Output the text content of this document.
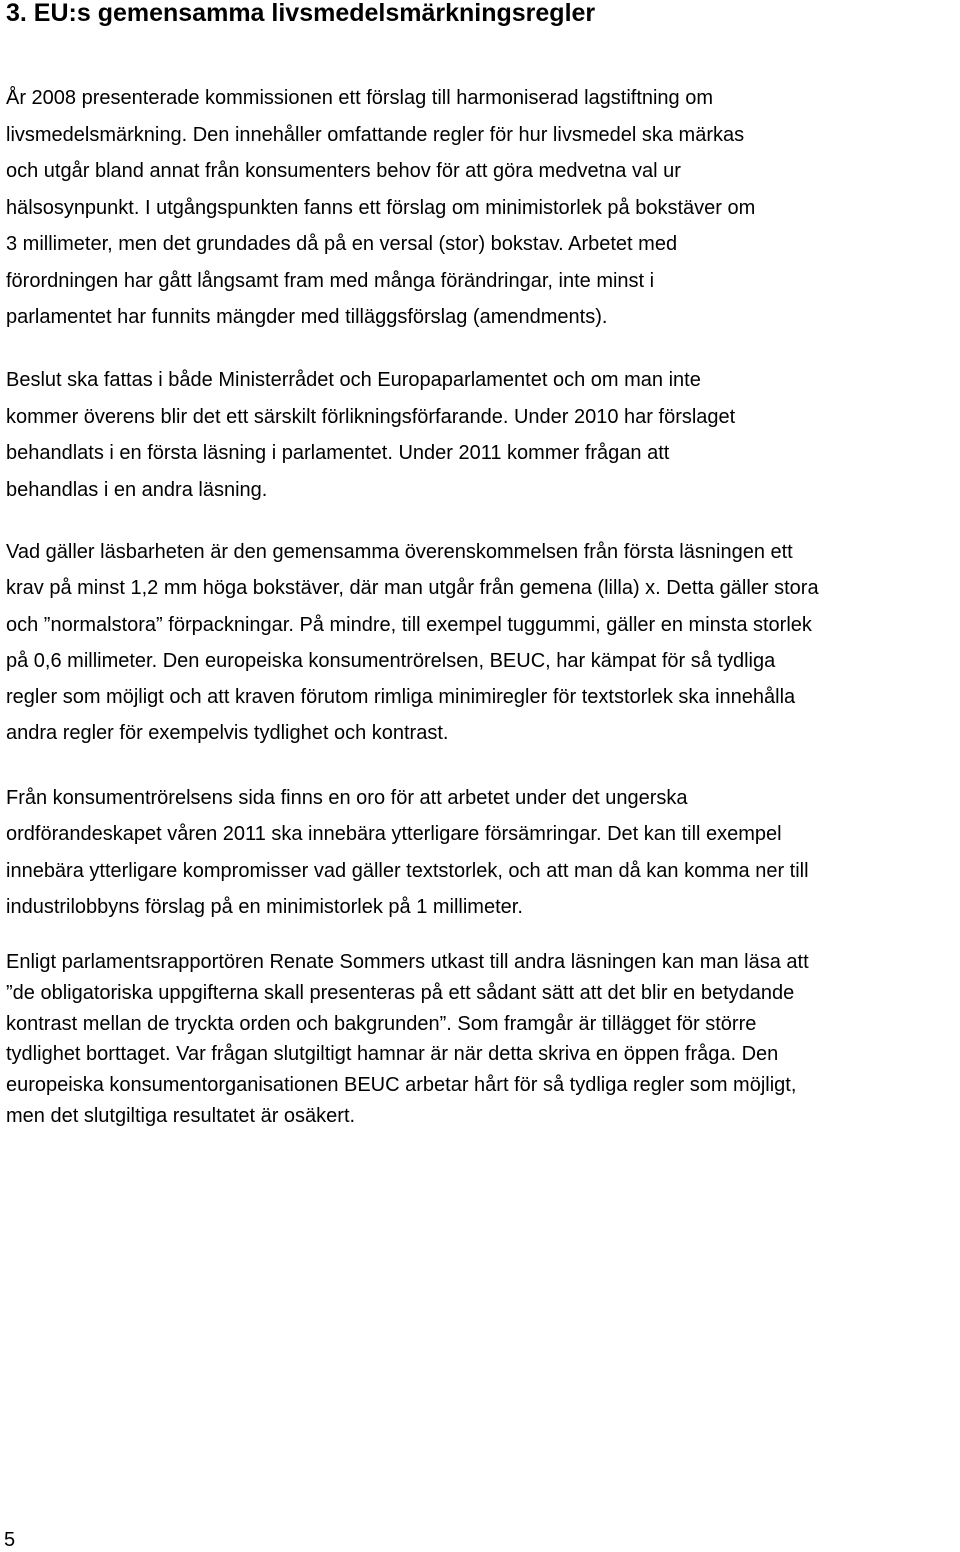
3. EU:s gemensamma livsmedelsmärkningsregler

År 2008 presenterade kommissionen ett förslag till harmoniserad lagstiftning om
livsmedelsmärkning. Den innehåller omfattande regler för hur livsmedel ska märkas
och utgår bland annat från konsumenters behov för att göra medvetna val ur
hälsosynpunkt. I utgångspunkten fanns ett förslag om minimistorlek på bokstäver om
3 millimeter, men det grundades då på en versal (stor) bokstav. Arbetet med
förordningen har gått långsamt fram med många förändringar, inte minst i
parlamentet har funnits mängder med tilläggsförslag (amendments).

Beslut ska fattas i både Ministerrådet och Europaparlamentet och om man inte
kommer överens blir det ett särskilt förlikningsförfarande. Under 2010 har förslaget
behandlats i en första läsning i parlamentet. Under 2011 kommer frågan att
behandlas i en andra läsning.

Vad gäller läsbarheten är den gemensamma överenskommelsen från första läsningen ett
krav på minst 1,2 mm höga bokstäver, där man utgår från gemena (lilla) x. Detta gäller stora
och ”normalstora” förpackningar. På mindre, till exempel tuggummi, gäller en minsta storlek
på 0,6 millimeter. Den europeiska konsumentrörelsen, BEUC, har kämpat för så tydliga
regler som möjligt och att kraven förutom rimliga minimiregler för textstorlek ska innehålla
andra regler för exempelvis tydlighet och kontrast.

Från konsumentrörelsens sida finns en oro för att arbetet under det ungerska
ordförandeskapet våren 2011 ska innebära ytterligare försämringar. Det kan till exempel
innebära ytterligare kompromisser vad gäller textstorlek, och att man då kan komma ner till
industrilobbyns förslag på en minimistorlek på 1 millimeter.

Enligt parlamentsrapportören Renate Sommers utkast till andra läsningen kan man läsa att
”de obligatoriska uppgifterna skall presenteras på ett sådant sätt att det blir en betydande
kontrast mellan de tryckta orden och bakgrunden”. Som framgår är tillägget för större
tydlighet borttaget. Var frågan slutgiltigt hamnar är när detta skriva en öppen fråga. Den
europeiska konsumentorganisationen BEUC arbetar hårt för så tydliga regler som möjligt,
men det slutgiltiga resultatet är osäkert.

5
